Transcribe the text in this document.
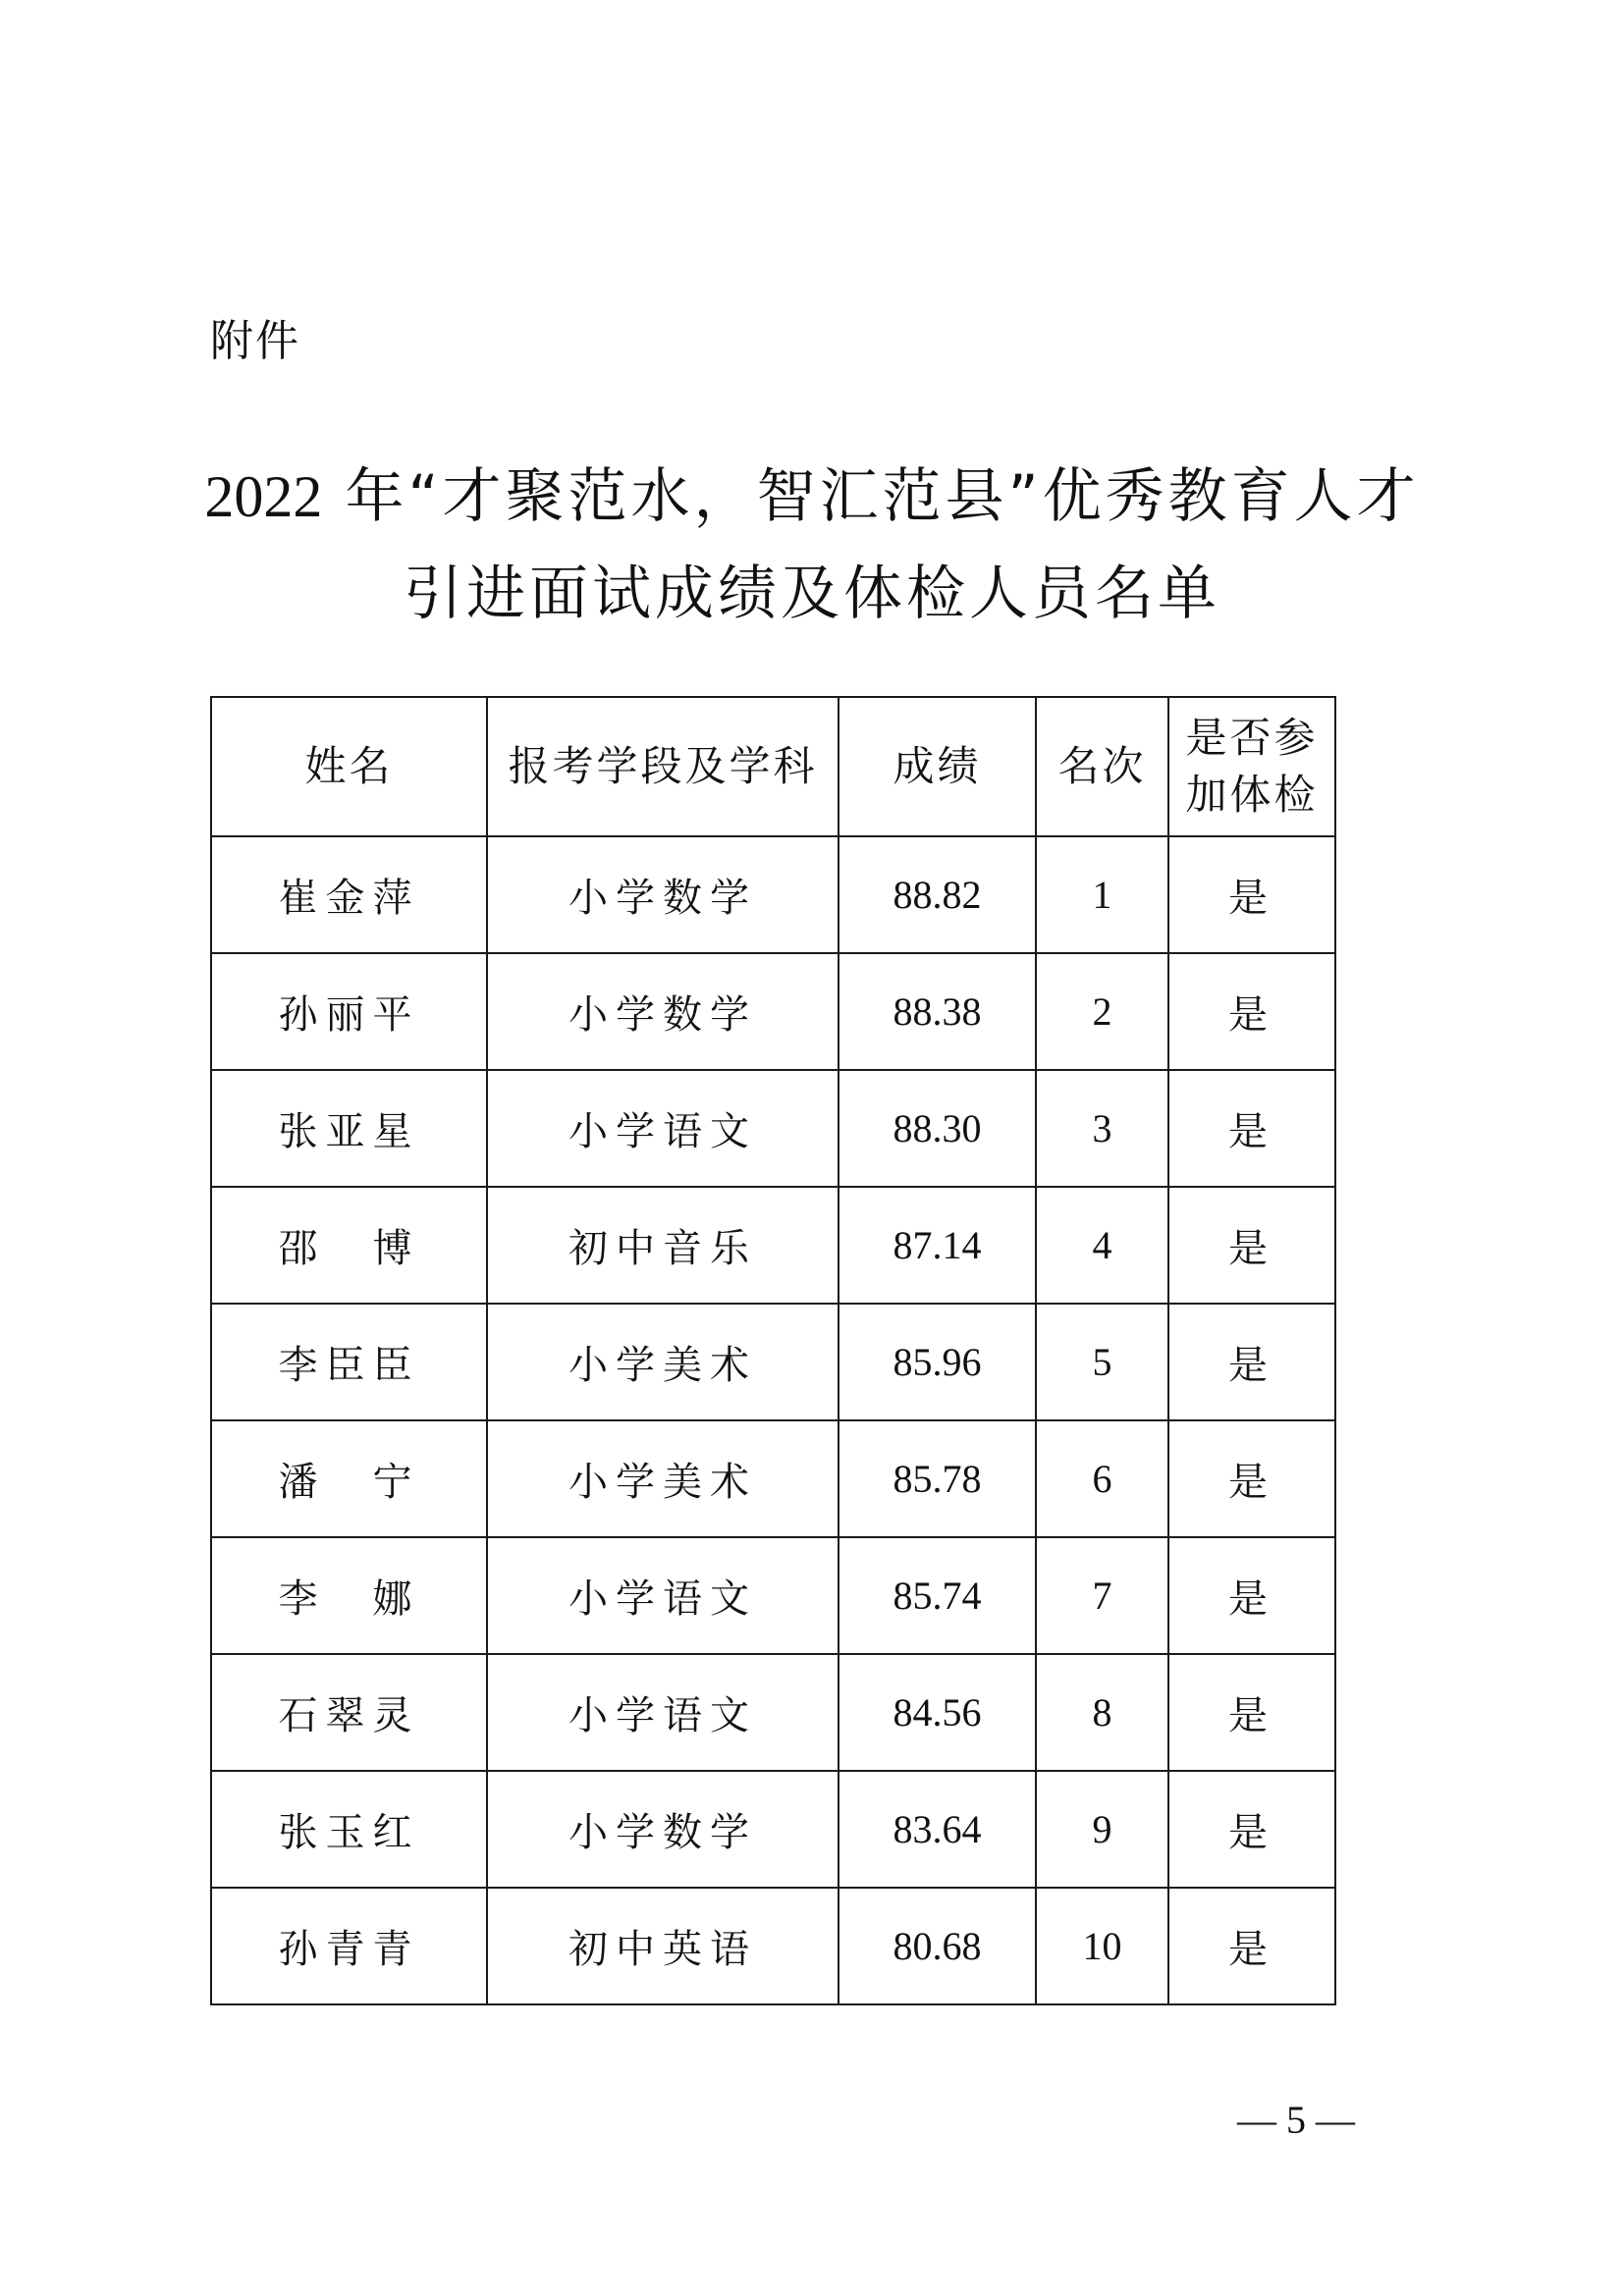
附件
2022 年“才聚范水，智汇范县”优秀教育人才
引进面试成绩及体检人员名单
姓名	报考学段及学科	成绩	名次	是否参
加体检
崔金萍	小学数学	88.82	1	是
孙丽平	小学数学	88.38	2	是
张亚星	小学语文	88.30	3	是
邵　博	初中音乐	87.14	4	是
李臣臣	小学美术	85.96	5	是
潘　宁	小学美术	85.78	6	是
李　娜	小学语文	85.74	7	是
石翠灵	小学语文	84.56	8	是
张玉红	小学数学	83.64	9	是
孙青青	初中英语	80.68	10	是
— 5 —
